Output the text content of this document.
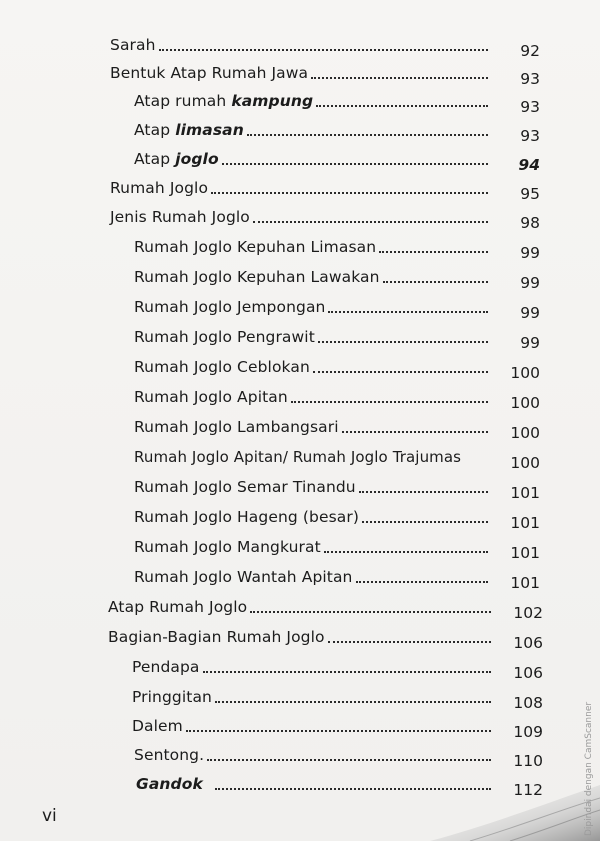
Sarah	92
Bentuk Atap Rumah Jawa	93
Atap rumah kampung	93
Atap limasan	93
Atap joglo	94
Rumah Joglo	95
Jenis Rumah Joglo	98
Rumah Joglo Kepuhan Limasan	99
Rumah Joglo Kepuhan Lawakan	99
Rumah Joglo Jempongan	99
Rumah Joglo Pengrawit	99
Rumah Joglo Ceblokan	100
Rumah Joglo Apitan	100
Rumah Joglo Lambangsari	100
Rumah Joglo Apitan/ Rumah Joglo Trajumas	100
Rumah Joglo Semar Tinandu	101
Rumah Joglo Hageng (besar)	101
Rumah Joglo Mangkurat	101
Rumah Joglo Wantah Apitan	101
Atap Rumah Joglo	102
Bagian-Bagian Rumah Joglo	106
Pendapa	106
Pringgitan	108
Dalem	109
Sentong.	110
Gandok	112
vi	Dipindai dengan CamScanner
